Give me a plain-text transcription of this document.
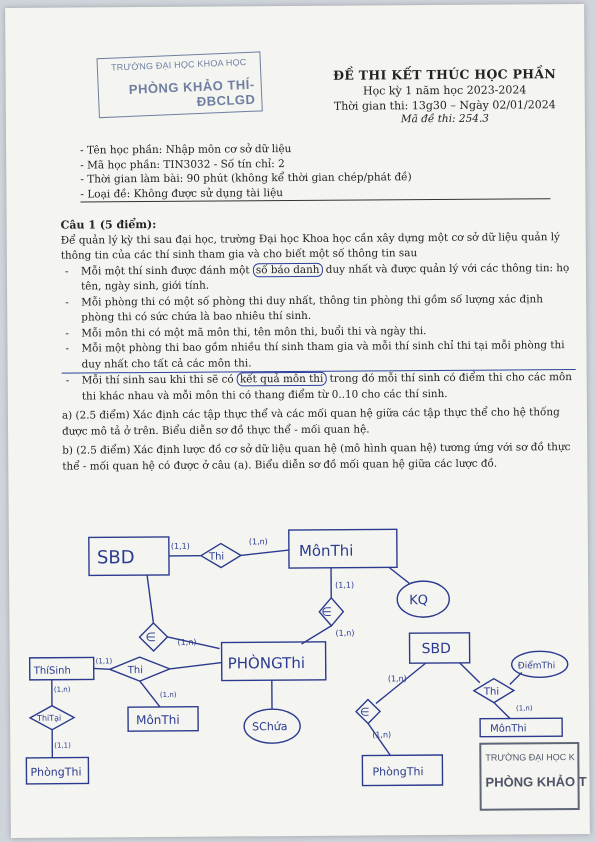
TRƯỜNG ĐẠI HỌC KHOA HỌC
PHÒNG KHẢO THÍ-ĐBCLGD
ĐỀ THI KẾT THÚC HỌC PHẦN
Học kỳ 1 năm học 2023-2024
Thời gian thi: 13g30 – Ngày 02/01/2024
Mã đề thi: 254.3
- Tên học phần: Nhập môn cơ sở dữ liệu
- Mã học phần: TIN3032 - Số tín chỉ: 2
- Thời gian làm bài: 90 phút (không kể thời gian chép/phát đề)
- Loại đề: Không được sử dụng tài liệu
Câu 1 (5 điểm):
Để quản lý kỳ thi sau đại học, trường Đại học Khoa học cần xây dựng một cơ sở dữ liệu quản lý thông tin của các thí sinh tham gia và cho biết một số thông tin sau
- Mỗi một thí sinh được đánh một số báo danh duy nhất và được quản lý với các thông tin: họ tên, ngày sinh, giới tính.
- Mỗi phòng thi có một số phòng thi duy nhất, thông tin phòng thi gồm số lượng xác định phòng thi có sức chứa là bao nhiêu thí sinh.
- Mỗi môn thi có một mã môn thi, tên môn thi, buổi thi và ngày thi.
- Mỗi một phòng thi bao gồm nhiều thí sinh tham gia và mỗi thí sinh chỉ thi tại mỗi phòng thi duy nhất cho tất cả các môn thi.
- Mỗi thí sinh sau khi thi sẽ có kết quả môn thi trong đó mỗi thí sinh có điểm thi cho các môn thi khác nhau và mỗi môn thi có thang điểm từ 0..10 cho các thí sinh.
a) (2.5 điểm) Xác định các tập thực thể và các mối quan hệ giữa các tập thực thể cho hệ thống được mô tả ở trên. Biểu diễn sơ đồ thực thể - mối quan hệ.
b) (2.5 điểm) Xác định lược đồ cơ sở dữ liệu quan hệ (mô hình quan hệ) tương ứng với sơ đồ thực thể - mối quan hệ có được ở câu (a). Biểu diễn sơ đồ mối quan hệ giữa các lược đồ.
SBD	Thi	MônThi
KQ
∈
∈
PHÒNGThi
ThíSinh	Thi
ThiTại
PhòngThi
MônThi	SChứa
SBD
ĐiểmThi
Thi
MônThi
∈
PhòngThi
(1,1)	(1,n)
(1,1)
(1,n)
(1,n)
(1,1)
(1,n)
(1,1)
(1,n)
(1,n)
(1,n)
(1,n)
TRƯỜNG ĐẠI HỌC K
PHÒNG KHẢO T
